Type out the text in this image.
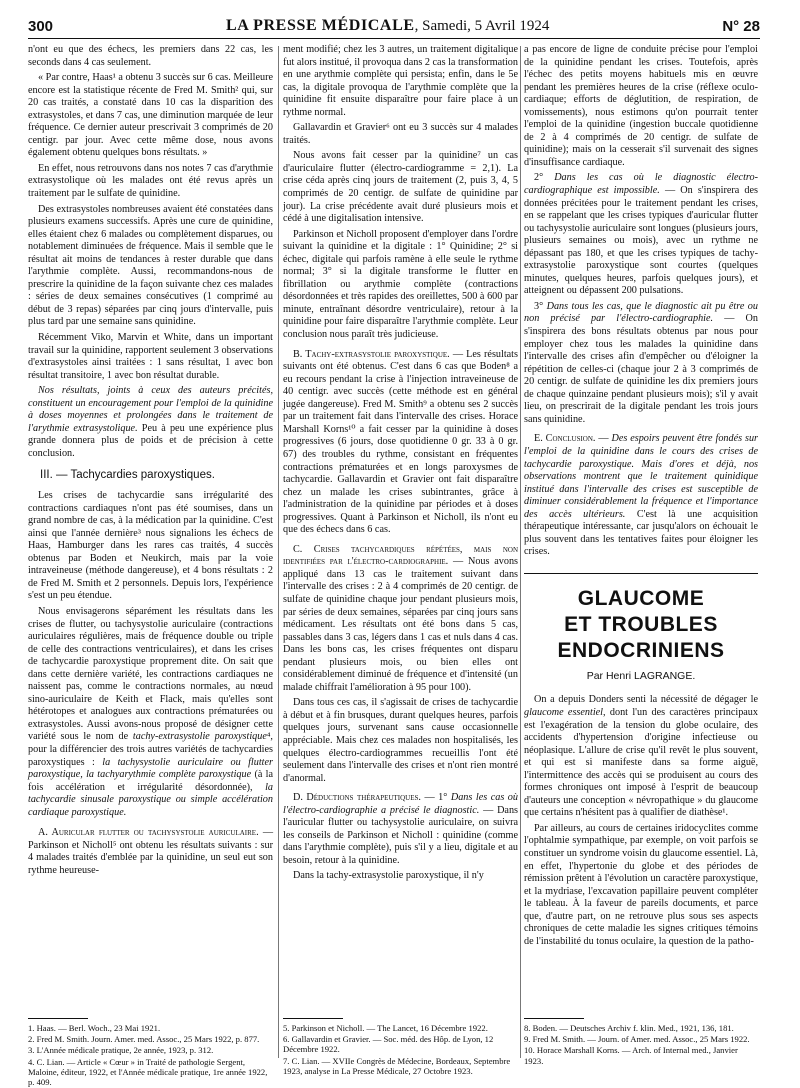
300	LA PRESSE MÉDICALE, Samedi, 5 Avril 1924	N° 28

n'ont eu que des échecs, les premiers dans 22 cas, les seconds dans 4 cas seulement.

« Par contre, Haas¹ a obtenu 3 succès sur 6 cas. Meilleure encore est la statistique récente de Fred M. Smith² qui, sur 20 cas traités, a constaté dans 10 cas la disparition des extrasystoles, et dans 7 cas, une diminution marquée de leur fréquence. Ce dernier auteur prescrivait 3 comprimés de 20 centigr. par jour. Avec cette même dose, nous avons également obtenu quelques bons résultats. »

En effet, nous retrouvons dans nos notes 7 cas d'arythmie extrasystolique où les malades ont été revus après un traitement par le sulfate de quinidine.

Des extrasystoles nombreuses avaient été constatées dans plusieurs examens successifs. Après une cure de quinidine, elles étaient chez 6 malades ou complètement disparues, ou notablement diminuées de fréquence. Mais il semble que le résultat ait moins de tendances à rester durable que dans l'arythmie complète. Aussi, recommandons-nous de prescrire la quinidine de la façon suivante chez ces malades : séries de deux semaines consécutives (1 comprimé au début de 3 repas) séparées par cinq jours d'intervalle, puis plus tard par une semaine sans quinidine.

Récemment Viko, Marvin et White, dans un important travail sur la quinidine, rapportent seulement 3 observations d'extrasystoles ainsi traitées : 1 sans résultat, 1 avec bon résultat transitoire, 1 avec bon résultat durable.

Nos résultats, joints à ceux des auteurs précités, constituent un encouragement pour l'emploi de la quinidine à doses moyennes et prolongées dans le traitement de l'arythmie extrasystolique. Peu à peu une expérience plus grande donnera plus de poids et de précision à cette conclusion.

III. — Tachycardies paroxystiques.

Les crises de tachycardie sans irrégularité des contractions cardiaques n'ont pas été soumises, dans un grand nombre de cas, à la médication par la quinidine. C'est ainsi que l'année dernière³ nous signalions les échecs de Haas, Hamburger dans les rares cas traités, 4 succès obtenus par Boden et Neukirch, mais par la voie intraveineuse (méthode dangereuse), et 4 bons résultats : 2 de Fred M. Smith et 2 personnels. Depuis lors, l'expérience s'est un peu étendue.

Nous envisagerons séparément les résultats dans les crises de flutter, ou tachysystolie auriculaire (contractions auriculaires régulières, mais de fréquence double ou triple de celle des contractions ventriculaires), et dans les crises de tachycardie paroxystique proprement dite. On sait que dans cette dernière variété, les contractions cardiaques ne naissent pas, comme le contractions normales, au nœud sino-auriculaire de Keith et Flack, mais qu'elles sont hétérotopes et analogues aux contractions prématurées ou extrasystoles. Aussi avons-nous proposé de désigner cette variété sous le nom de tachy-extrasystolie paroxystique⁴, pour la différencier des trois autres variétés de tachycardies paroxystiques : la tachysystolie auriculaire ou flutter paroxystique, la tachyarythmie complète paroxystique (à la fois accélération et irrégularité désordonnée), la tachycardie sinusale paroxystique ou simple accélération cardiaque paroxystique.

A. Auricular flutter ou tachysystolie auriculaire. — Parkinson et Nicholl⁵ ont obtenu les résultats suivants : sur 4 malades traités d'emblée par la quinidine, un seul eut son rythme heureuse-

ment modifié; chez les 3 autres, un traitement digitalique fut alors institué, il provoqua dans 2 cas la transformation en une arythmie complète qui persista; enfin, dans le 5e cas, la digitale provoqua de l'arythmie complète que la quinidine fit ensuite disparaître pour faire place à un rythme normal.

Gallavardin et Gravier⁶ ont eu 3 succès sur 4 malades traités.

Nous avons fait cesser par la quinidine⁷ un cas d'auriculaire flutter (électro-cardiogramme = 2,1). La crise céda après cinq jours de traitement (2, puis 3, 4, 5 comprimés de 20 centigr. de sulfate de quinidine par jour). La crise précédente avait duré plusieurs mois et cédé à une digitalisation intensive.

Parkinson et Nicholl proposent d'employer dans l'ordre suivant la quinidine et la digitale : 1° Quinidine; 2° si échec, digitale qui parfois ramène à elle seule le rythme normal; 3° si la digitale transforme le flutter en fibrillation ou arythmie complète (contractions désordonnées et très rapides des oreillettes, 500 à 600 par minute, entraînant désordre ventriculaire), retour à la quinidine pour faire disparaître l'arythmie complète. Leur conclusion nous paraît très judicieuse.

B. Tachy-extrasystolie paroxystique. — Les résultats suivants ont été obtenus. C'est dans 6 cas que Boden⁸ a eu recours pendant la crise à l'injection intraveineuse de 40 centigr. avec succès (cette méthode est en général jugée dangereuse). Fred M. Smith⁹ a obtenu ses 2 succès par un traitement fait dans l'intervalle des crises. Horace Marshall Korns¹⁰ a fait cesser par la quinidine à doses progressives (6 jours, dose quotidienne 0 gr. 33 à 0 gr. 67) des troubles du rythme, consistant en fréquentes contractions prématurées et en longs paroxysmes de tachycardie. Gallavardin et Gravier ont fait disparaître chez un malade les crises subintrantes, grâce à l'administration de la quinidine par périodes et à doses progressives. Quant à Parkinson et Nicholl, ils n'ont eu que des échecs dans 6 cas.

C. Crises tachycardiques répétées, mais non identifiées par l'électro-cardiographie. — Nous avons appliqué dans 13 cas le traitement suivant dans l'intervalle des crises : 2 à 4 comprimés de 20 centigr. de sulfate de quinidine chaque jour pendant plusieurs mois, par séries de deux semaines, séparées par cinq jours sans médicament. Les résultats ont été bons dans 5 cas, passables dans 3 cas, légers dans 1 cas et nuls dans 4 cas. Dans les bons cas, les crises fréquentes ont disparu pendant plusieurs mois, ou bien elles ont considérablement diminué de fréquence et d'intensité (un malade chiffrait l'amélioration à 95 pour 100).

Dans tous ces cas, il s'agissait de crises de tachycardie à début et à fin brusques, durant quelques heures, parfois quelques jours, survenant sans cause occasionnelle appréciable. Mais chez ces malades non hospitalisés, les quelques électro-cardiogrammes recueillis l'ont été seulement dans l'intervalle des crises et n'ont rien montré d'anormal.

D. Déductions thérapeutiques. — 1° Dans les cas où l'électro-cardiographie a précisé le diagnostic. — Dans l'auricular flutter ou tachysystolie auriculaire, on suivra les conseils de Parkinson et Nicholl : quinidine (comme dans l'arythmie complète), puis s'il y a lieu, digitale et au besoin, retour à la quinidine.

Dans la tachy-extrasystolie paroxystique, il n'y

a pas encore de ligne de conduite précise pour l'emploi de la quinidine pendant les crises. Toutefois, après l'échec des petits moyens habituels mis en œuvre pendant les premières heures de la crise (réflexe oculo-cardiaque; efforts de déglutition, de respiration, de vomissements), nous estimons qu'on pourrait tenter l'emploi de la quinidine (ingestion buccale quotidienne de 2 à 4 comprimés de 20 centigr. de sulfate de quinidine); mais on la cesserait s'il survenait des signes d'insuffisance cardiaque.

2° Dans les cas où le diagnostic électro-cardiographique est impossible. — On s'inspirera des données précitées pour le traitement pendant les crises, en se rappelant que les crises typiques d'auricular flutter ou tachysystolie auriculaire sont longues (plusieurs jours, plusieurs semaines ou mois), avec un rythme ne dépassant pas 180, et que les crises typiques de tachy-extrasystolie paroxystique sont courtes (quelques minutes, quelques heures, parfois quelques jours), et atteignent ou dépassent 200 pulsations.

3° Dans tous les cas, que le diagnostic ait pu être ou non précisé par l'électro-cardiographie. — On s'inspirera des bons résultats obtenus par nous pour employer chez tous les malades la quinidine dans l'intervalle des crises afin d'empêcher ou d'éloigner la répétition de celles-ci (chaque jour 2 à 3 comprimés de 20 centigr. de sulfate de quinidine les dix premiers jours de chaque quinzaine pendant plusieurs mois); s'il y avait lieu, on prescrirait de la digitale pendant les trois jours sans quinidine.

E. Conclusion. — Des espoirs peuvent être fondés sur l'emploi de la quinidine dans le cours des crises de tachycardie paroxystique. Mais d'ores et déjà, nos observations montrent que le traitement quinidique institué dans l'intervalle des crises est susceptible de diminuer considérablement la fréquence et l'importance des accès ultérieurs. C'est là une acquisition thérapeutique intéressante, car jusqu'alors on échouait le plus souvent dans les tentatives faites pour éloigner les crises.

GLAUCOME
ET TROUBLES ENDOCRINIENS
Par Henri LAGRANGE.

On a depuis Donders senti la nécessité de dégager le glaucome essentiel, dont l'un des caractères principaux est l'exagération de la tension du globe oculaire, des accidents d'hypertension d'origine infectieuse ou néoplasique. L'allure de crise qu'il revêt le plus souvent, et qui est si manifeste dans sa forme aiguë, l'intermittence des accès qui se produisent au cours des formes chroniques ont imposé à l'esprit de beaucoup d'auteurs une conception « névropathique » du glaucome que certains n'hésitent pas à qualifier de diathèse¹.

Par ailleurs, au cours de certaines iridocyclites comme l'ophtalmie sympathique, par exemple, on voit parfois se constituer un syndrome voisin du glaucome essentiel. Là, en effet, l'hypertonie du globe et des périodes de rémission prêtent à l'évolution un caractère paroxystique, et la mydriase, l'excavation papillaire peuvent compléter le tableau. À la faveur de pareils documents, et parce que, d'autre part, on ne retrouve plus sous ses aspects chroniques de cette maladie les signes critiques témoins de l'instabilité du tonus oculaire, la question de la patho-

1. Haas. — Berl. Woch., 23 Mai 1921.
2. Fred M. Smith. Journ. Amer. med. Assoc., 25 Mars 1922, p. 877.
3. L'Année médicale pratique, 2e année, 1923, p. 312.
4. C. Lian. — Article « Cœur » in Traité de pathologie Sergent, Maloine, éditeur, 1922, et l'Année médicale pratique, 1re année 1922, p. 409.
5. Parkinson et Nicholl. — The Lancet, 16 Décembre 1922.
6. Gallavardin et Gravier. — Soc. méd. des Hôp. de Lyon, 12 Décembre 1922.
7. C. Lian. — XVIIe Congrès de Médecine, Bordeaux, Septembre 1923, analyse in La Presse Médicale, 27 Octobre 1923.
8. Boden. — Deutsches Archiv f. klin. Med., 1921, 136, 181.
9. Fred M. Smith. — Journ. of Amer. med. Assoc., 25 Mars 1922.
10. Horace Marshall Korns. — Arch. of Internal med., Janvier 1923.
